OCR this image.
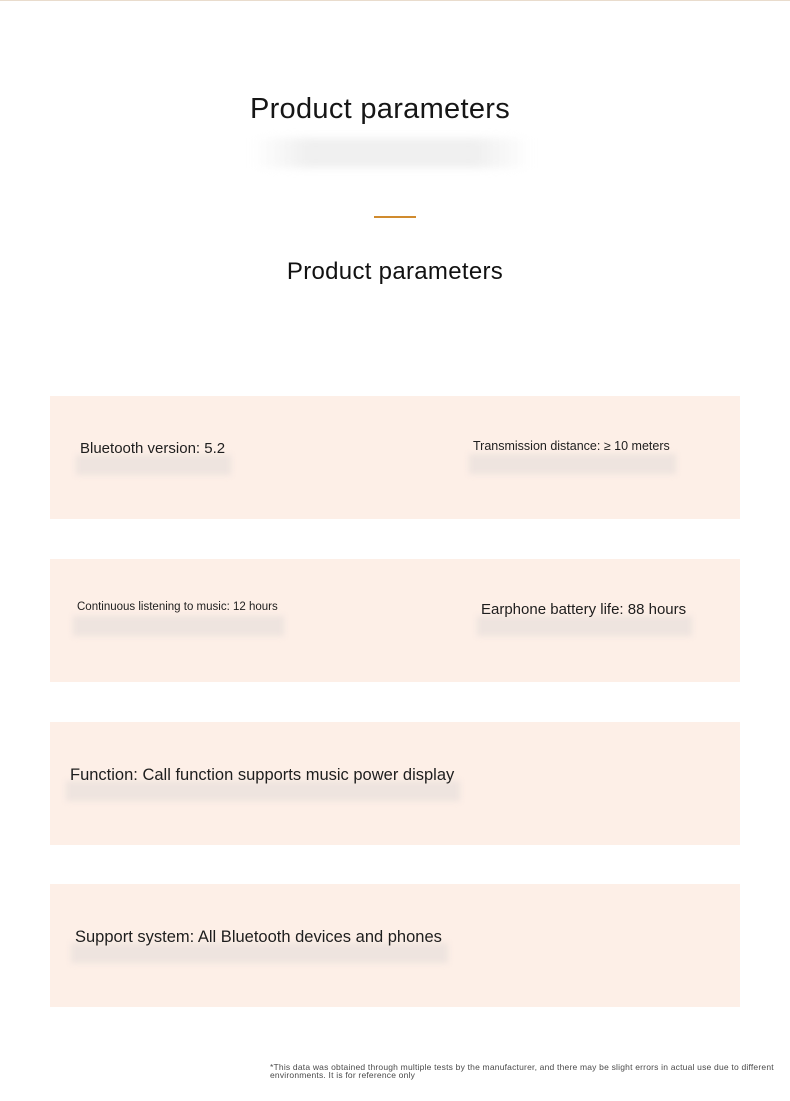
Product parameters
Product parameters
Bluetooth version: 5.2	Transmission distance: ≥ 10 meters
Continuous listening to music: 12 hours	Earphone battery life: 88 hours
Function: Call function supports music power display
Support system: All Bluetooth devices and phones
*This data was obtained through multiple tests by the manufacturer, and there may be slight errors in actual use due to different environments. It is for reference only
